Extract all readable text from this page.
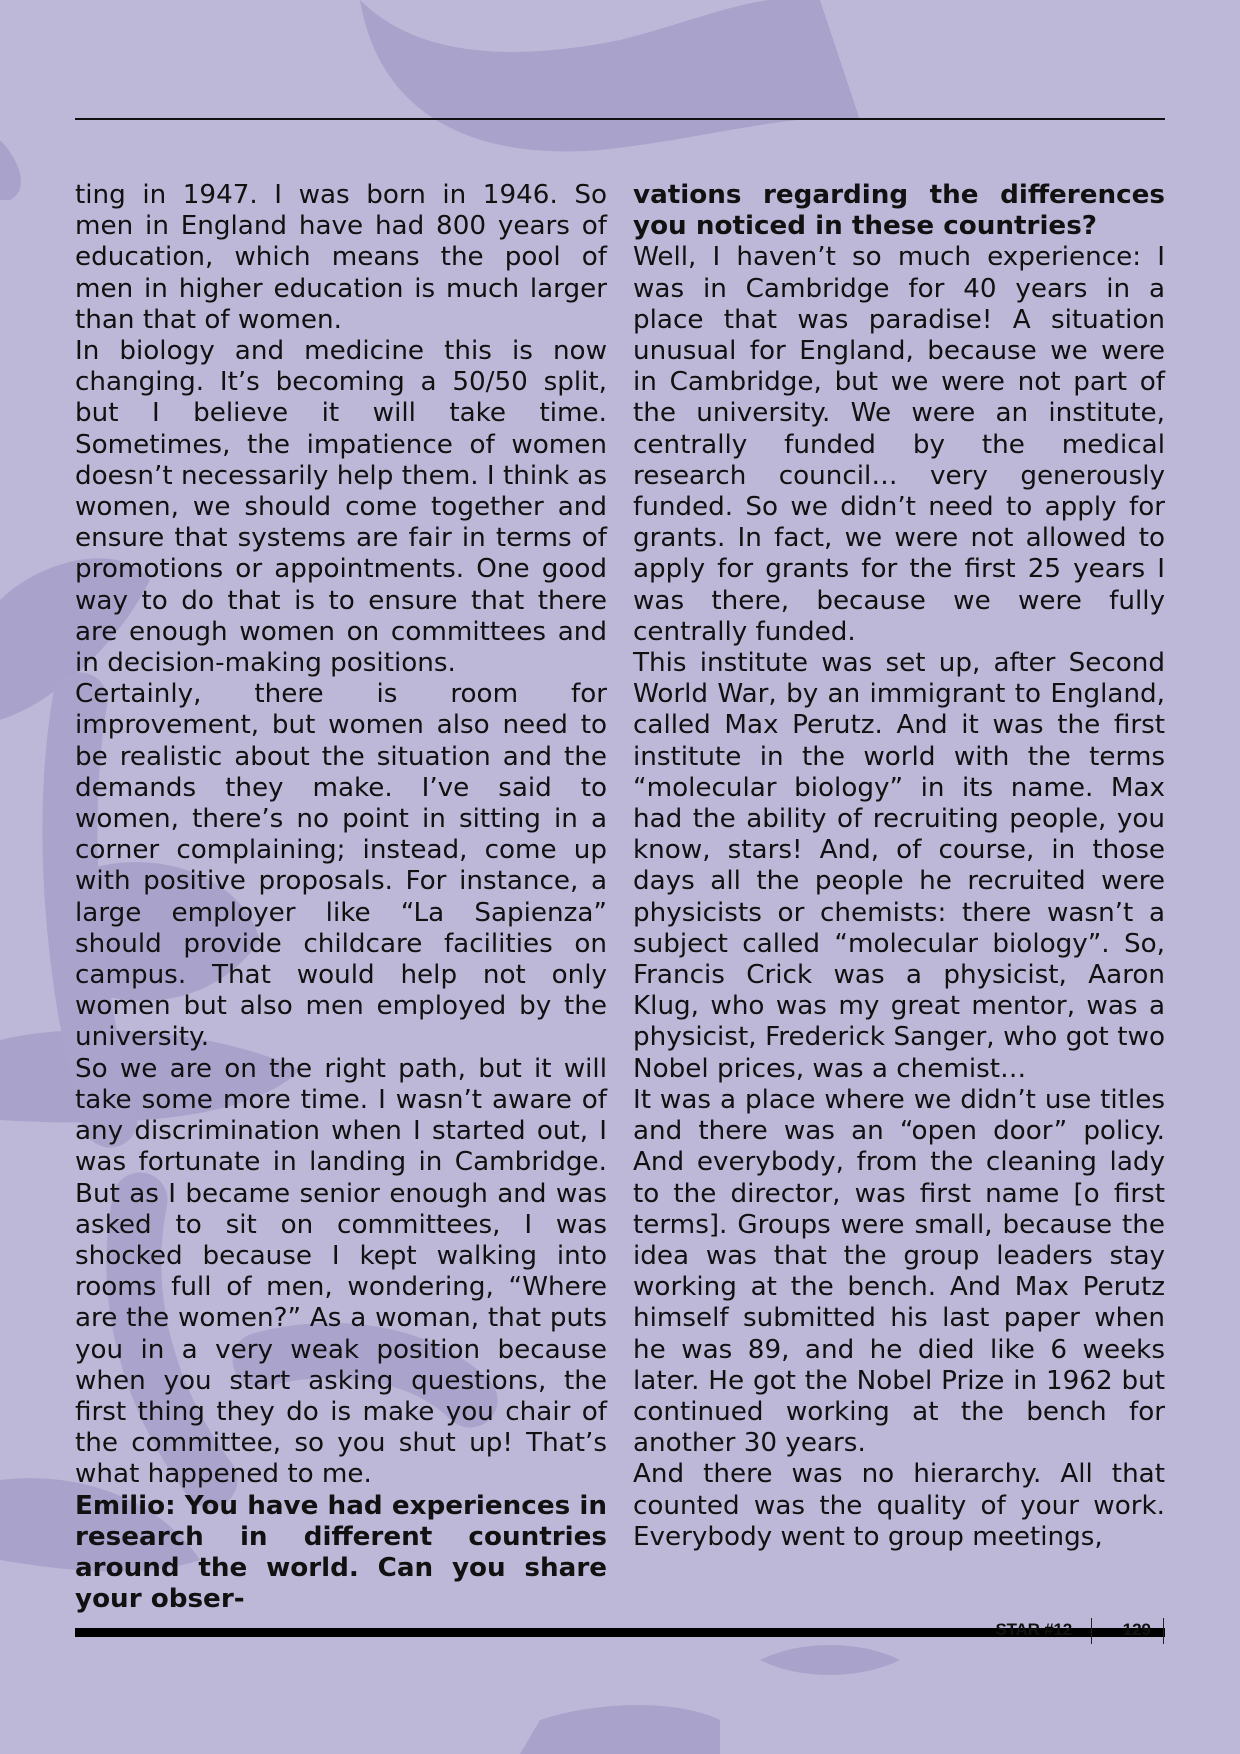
ting in 1947. I was born in 1946. So men in England have had 800 years of education, which means the pool of men in higher education is much larger than that of women.

In biology and medicine this is now changing. It’s becoming a 50/50 split, but I believe it will take time. Sometimes, the impatience of women doesn’t necessarily help them. I think as women, we should come together and ensure that systems are fair in terms of promotions or appointments. One good way to do that is to ensure that there are enough women on committees and in decision-making positions.

Certainly, there is room for improvement, but women also need to be realistic about the situation and the demands they make. I’ve said to women, there’s no point in sitting in a corner complaining; instead, come up with positive proposals. For instance, a large employer like “La Sapienza” should provide childcare facilities on campus. That would help not only women but also men employed by the university.

So we are on the right path, but it will take some more time. I wasn’t aware of any discrimination when I started out, I was fortunate in landing in Cambridge. But as I became senior enough and was asked to sit on committees, I was shocked because I kept walking into rooms full of men, wondering, “Where are the women?” As a woman, that puts you in a very weak position because when you start asking questions, the first thing they do is make you chair of the committee, so you shut up! That’s what happened to me.

Emilio: You have had experiences in research in different countries around the world. Can you share your obser-

vations regarding the differences you noticed in these countries?

Well, I haven’t so much experience: I was in Cambridge for 40 years in a place that was paradise! A situation unusual for England, because we were in Cambridge, but we were not part of the university. We were an institute, centrally funded by the medical research council… very generously funded. So we didn’t need to apply for grants. In fact, we were not allowed to apply for grants for the first 25 years I was there, because we were fully centrally funded.

This institute was set up, after Second World War, by an immigrant to England, called Max Perutz. And it was the first institute in the world with the terms “molecular biology” in its name. Max had the ability of recruiting people, you know, stars! And, of course, in those days all the people he recruited were physicists or chemists: there wasn’t a subject called “molecular biology”. So, Francis Crick was a physicist, Aaron Klug, who was my great mentor, was a physicist, Frederick Sanger, who got two Nobel prices, was a chemist…

It was a place where we didn’t use titles and there was an “open door” policy. And everybody, from the cleaning lady to the director, was first name [o first terms]. Groups were small, because the idea was that the group leaders stay working at the bench. And Max Perutz himself submitted his last paper when he was 89, and he died like 6 weeks later. He got the Nobel Prize in 1962 but continued working at the bench for another 30 years.

And there was no hierarchy. All that counted was the quality of your work. Everybody went to group meetings,

STAR #12	129
